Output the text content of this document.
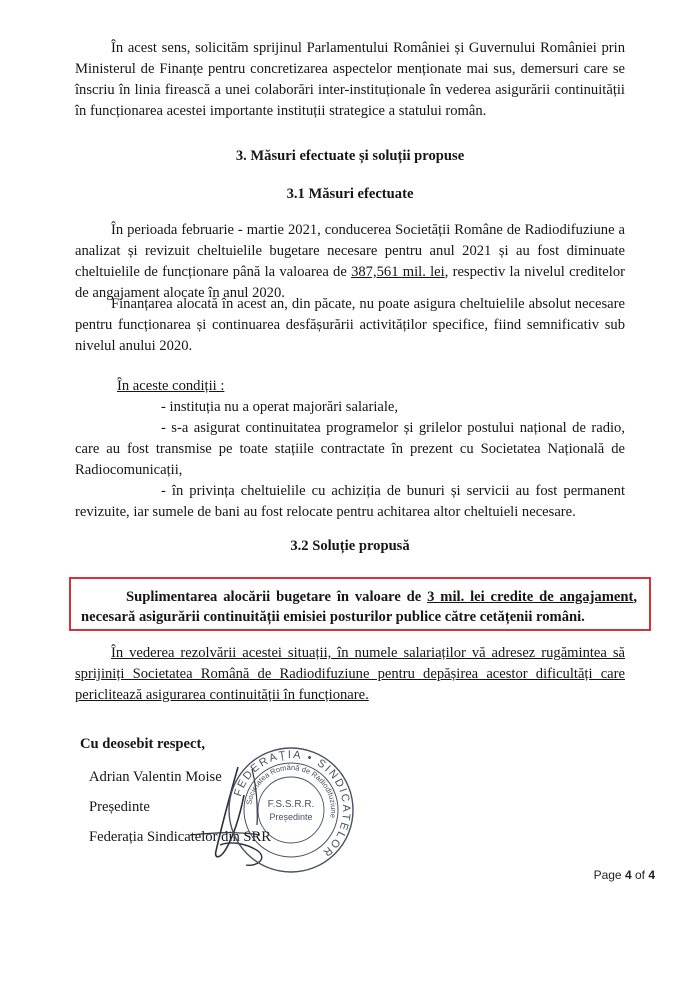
În acest sens, solicităm sprijinul Parlamentului României și Guvernului României prin Ministerul de Finanțe pentru concretizarea aspectelor menționate mai sus, demersuri care se înscriu în linia firească a unei colaborări inter-instituționale în vederea asigurării continuității în funcționarea acestei importante instituții strategice a statului român.

3. Măsuri efectuate și soluții propuse

3.1 Măsuri efectuate

În perioada februarie - martie 2021, conducerea Societății Române de Radiodifuziune a analizat și revizuit cheltuielile bugetare necesare pentru anul 2021 și au fost diminuate cheltuielile de funcționare până la valoarea de 387,561 mil. lei, respectiv la nivelul creditelor de angajament alocate în anul 2020.

Finanțarea alocată în acest an, din păcate, nu poate asigura cheltuielile absolut necesare pentru funcționarea și continuarea desfășurării activităților specifice, fiind semnificativ sub nivelul anului 2020.

În aceste condiții :

- instituția nu a operat majorări salariale,
- s-a asigurat continuitatea programelor și grilelor postului național de radio, care au fost transmise pe toate stațiile contractate în prezent cu Societatea Națională de Radiocomunicații,
- în privința cheltuielile cu achiziția de bunuri și servicii au fost permanent revizuite, iar sumele de bani au fost relocate pentru achitarea altor cheltuieli necesare.

3.2 Soluție propusă

Suplimentarea alocării bugetare în valoare de 3 mil. lei credite de angajament, necesară asigurării continuității emisiei posturilor publice către cetățenii români.

În vederea rezolvării acestei situații, în numele salariaților vă adresez rugămintea să sprijiniți Societatea Română de Radiodifuziune pentru depășirea acestor dificultăți care periclitează asigurarea continuității în funcționare.

Cu deosebit respect,

Adrian Valentin Moise

Președinte

Federația Sindicatelor din SRR

FEDERAȚIA • SINDICATELOR
Societatea Română de Radiodifuziune
F.S.S.R.R.
Președinte
Page 4 of 4
